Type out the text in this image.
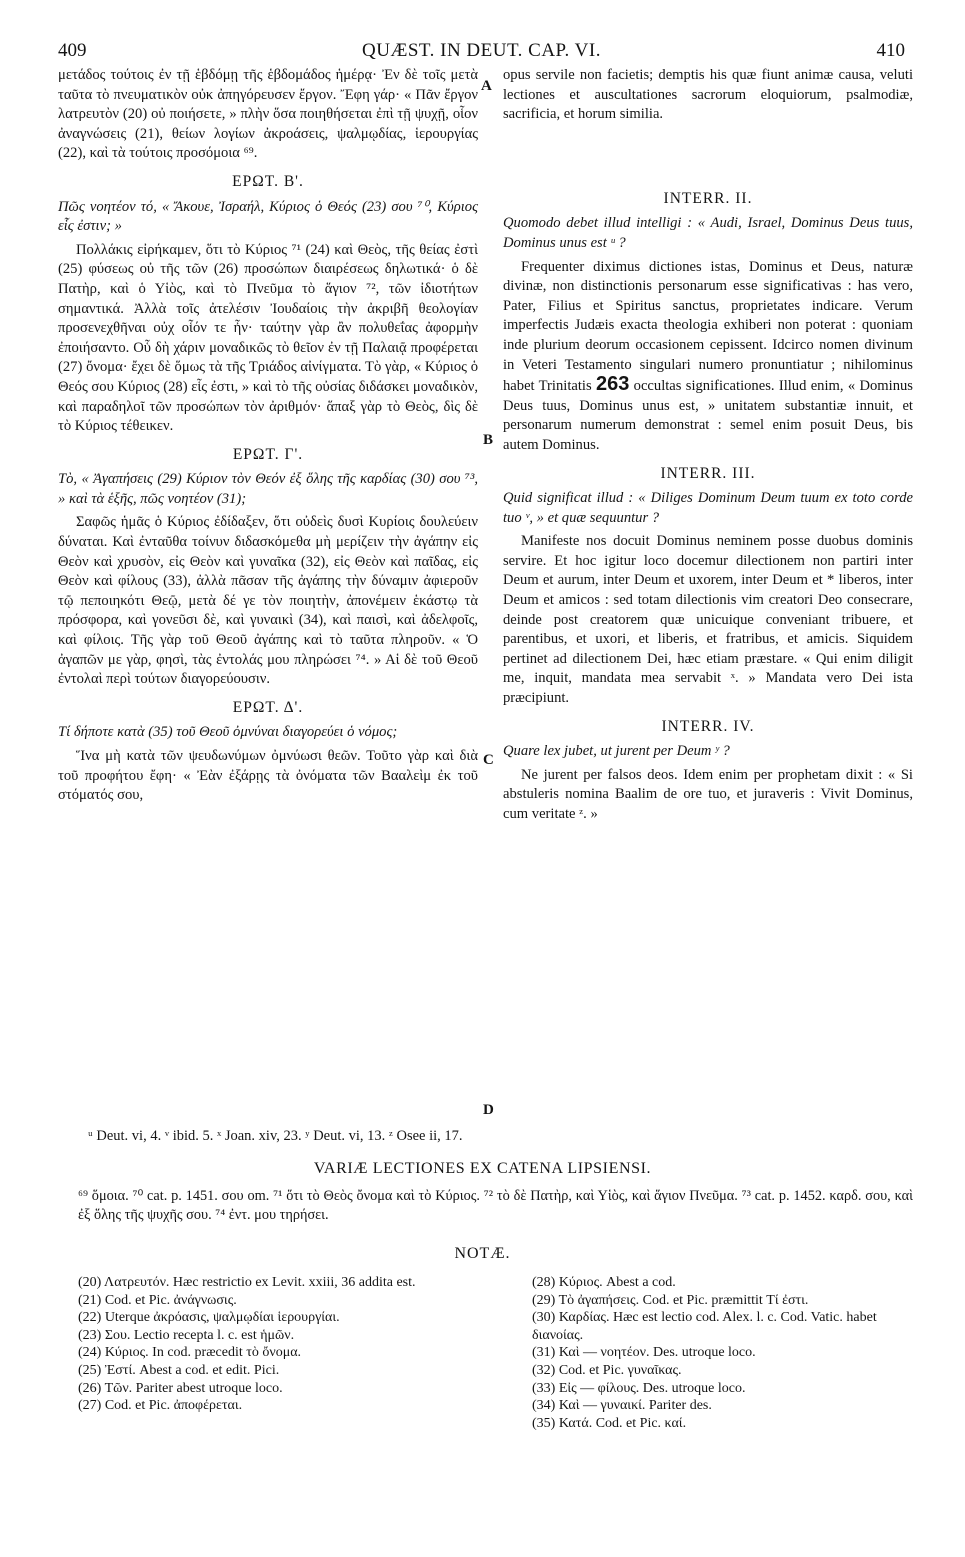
409	QUÆST. IN DEUT. CAP. VI.	410
A
B
C
D

μετάδος τούτοις ἐν τῇ ἑβδόμῃ τῆς ἑβδομάδος ἡμέρᾳ· Ἐν δὲ τοῖς μετὰ ταῦτα τὸ πνευματικὸν οὐκ ἀπηγόρευσεν ἔργον. Ἔφη γάρ· « Πᾶν ἔργον λατρευτὸν (20) οὐ ποιήσετε, » πλὴν ὅσα ποιηθήσεται ἐπὶ τῇ ψυχῇ, οἷον ἀναγνώσεις (21), θείων λογίων ἀκροάσεις, ψαλμῳδίας, ἱερουργίας (22), καὶ τὰ τούτοις προσόμοια ⁶⁹.

ΕΡΩΤ. Β'.

Πῶς νοητέον τό, « Ἄκουε, Ἰσραήλ, Κύριος ὁ Θεός (23) σου ⁷⁰, Κύριος εἷς ἐστιν; »

Πολλάκις εἰρήκαμεν, ὅτι τὸ Κύριος ⁷¹ (24) καὶ Θεὸς, τῆς θείας ἐστὶ (25) φύσεως οὐ τῆς τῶν (26) προσώπων διαιρέσεως δηλωτικά· ὁ δὲ Πατὴρ, καὶ ὁ Υἱὸς, καὶ τὸ Πνεῦμα τὸ ἅγιον ⁷², τῶν ἰδιοτήτων σημαντικά. Ἀλλὰ τοῖς ἀτελέσιν Ἰουδαίοις τὴν ἀκριβῆ θεολογίαν προσενεχθῆναι οὐχ οἷόν τε ἦν· ταύτην γὰρ ἂν πολυθεΐας ἀφορμὴν ἐποιήσαντο. Οὗ δὴ χάριν μοναδικῶς τὸ θεῖον ἐν τῇ Παλαιᾷ προφέρεται (27) ὄνομα· ἔχει δὲ ὅμως τὰ τῆς Τριάδος αἰνίγματα. Τὸ γὰρ, « Κύριος ὁ Θεός σου Κύριος (28) εἷς ἐστι, » καὶ τὸ τῆς οὐσίας διδάσκει μοναδικὸν, καὶ παραδηλοῖ τῶν προσώπων τὸν ἀριθμόν· ἅπαξ γὰρ τὸ Θεὸς, δὶς δὲ τὸ Κύριος τέθεικεν.

ΕΡΩΤ. Γ'.

Τὸ, « Ἀγαπήσεις (29) Κύριον τὸν Θεόν ἐξ ὅλης τῆς καρδίας (30) σου ⁷³, » καὶ τὰ ἑξῆς, πῶς νοητέον (31);

Σαφῶς ἡμᾶς ὁ Κύριος ἐδίδαξεν, ὅτι οὐδεὶς δυσὶ Κυρίοις δουλεύειν δύναται. Καὶ ἐνταῦθα τοίνυν διδασκόμεθα μὴ μερίζειν τὴν ἀγάπην εἰς Θεὸν καὶ χρυσὸν, εἰς Θεὸν καὶ γυναῖκα (32), εἰς Θεὸν καὶ παῖδας, εἰς Θεὸν καὶ φίλους (33), ἀλλὰ πᾶσαν τῆς ἀγάπης τὴν δύναμιν ἀφιεροῦν τῷ πεποιηκότι Θεῷ, μετὰ δέ γε τὸν ποιητὴν, ἀπονέμειν ἑκάστῳ τὰ πρόσφορα, καὶ γονεῦσι δὲ, καὶ γυναικὶ (34), καὶ παισὶ, καὶ ἀδελφοῖς, καὶ φίλοις. Τῆς γὰρ τοῦ Θεοῦ ἀγάπης καὶ τὸ ταῦτα πληροῦν. « Ὁ ἀγαπῶν με γὰρ, φησὶ, τὰς ἐντολάς μου πληρώσει ⁷⁴. » Αἱ δὲ τοῦ Θεοῦ ἐντολαὶ περὶ τούτων διαγορεύουσιν.

ΕΡΩΤ. Δ'.

Τί δήποτε κατὰ (35) τοῦ Θεοῦ ὀμνύναι διαγορεύει ὁ νόμος;

Ἵνα μὴ κατὰ τῶν ψευδωνύμων ὀμνύωσι θεῶν. Τοῦτο γὰρ καὶ διὰ τοῦ προφήτου ἔφη· « Ἐὰν ἐξάρῃς τὰ ὀνόματα τῶν Βααλεὶμ ἐκ τοῦ στόματός σου,

opus servile non facietis; demptis his quæ fiunt animæ causa, veluti lectiones et auscultationes sacrorum eloquiorum, psalmodiæ, sacrificia, et horum similia.

INTERR. II.

Quomodo debet illud intelligi : « Audi, Israel, Dominus Deus tuus, Dominus unus est ᵘ ?

Frequenter diximus dictiones istas, Dominus et Deus, naturæ divinæ, non distinctionis personarum esse significativas : has vero, Pater, Filius et Spiritus sanctus, proprietates indicare. Verum imperfectis Judæis exacta theologia exhiberi non poterat : quoniam inde plurium deorum occasionem cepissent. Idcirco nomen divinum in Veteri Testamento singulari numero pronuntiatur ; nihilominus habet Trinitatis 263 occultas significationes. Illud enim, « Dominus Deus tuus, Dominus unus est, » unitatem substantiæ innuit, et personarum numerum demonstrat : semel enim posuit Deus, bis autem Dominus.

INTERR. III.

Quid significat illud : « Diliges Dominum Deum tuum ex toto corde tuo ᵛ, » et quæ sequuntur ?

Manifeste nos docuit Dominus neminem posse duobus dominis servire. Et hoc igitur loco docemur dilectionem non partiri inter Deum et aurum, inter Deum et uxorem, inter Deum et * liberos, inter Deum et amicos : sed totam dilectionis vim creatori Deo consecrare, deinde post creatorem quæ unicuique conveniant tribuere, et parentibus, et uxori, et liberis, et fratribus, et amicis. Siquidem pertinet ad dilectionem Dei, hæc etiam præstare. « Qui enim diligit me, inquit, mandata mea servabit ˣ. » Mandata vero Dei ista præcipiunt.

INTERR. IV.

Quare lex jubet, ut jurent per Deum ʸ ?

Ne jurent per falsos deos. Idem enim per prophetam dixit : « Si abstuleris nomina Baalim de ore tuo, et juraveris : Vivit Dominus, cum veritate ᶻ. »

ᵘ Deut. vi, 4. ᵛ ibid. 5. ˣ Joan. xiv, 23. ʸ Deut. vi, 13. ᶻ Osee ii, 17.
VARIÆ LECTIONES EX CATENA LIPSIENSI.
⁶⁹ ὅμοια. ⁷⁰ cat. p. 1451. σου om. ⁷¹ ὅτι τὸ Θεὸς ὄνομα καὶ τὸ Κύριος. ⁷² τὸ δὲ Πατὴρ, καὶ Υἱὸς, καὶ ἅγιον Πνεῦμα. ⁷³ cat. p. 1452. καρδ. σου, καὶ ἐξ ὅλης τῆς ψυχῆς σου. ⁷⁴ ἐντ. μου τηρήσει.
NOTÆ.
(20) Λατρευτόν. Hæc restrictio ex Levit. xxiii, 36 addita est.
(21) Cod. et Pic. ἀνάγνωσις.
(22) Uterque ἀκρόασις, ψαλμῳδίαι ἱερουργίαι.
(23) Σου. Lectio recepta l. c. est ἡμῶν.
(24) Κύριος. In cod. præcedit τὸ ὄνομα.
(25) Ἐστί. Abest a cod. et edit. Pici.
(26) Τῶν. Pariter abest utroque loco.
(27) Cod. et Pic. ἀποφέρεται.
(28) Κύριος. Abest a cod.
(29) Τὸ ἀγαπήσεις. Cod. et Pic. præmittit Τί ἐστι.
(30) Καρδίας. Hæc est lectio cod. Alex. l. c. Cod. Vatic. habet διανοίας.
(31) Καὶ — νοητέον. Des. utroque loco.
(32) Cod. et Pic. γυναῖκας.
(33) Εἰς — φίλους. Des. utroque loco.
(34) Καὶ — γυναικί. Pariter des.
(35) Κατά. Cod. et Pic. καί.
